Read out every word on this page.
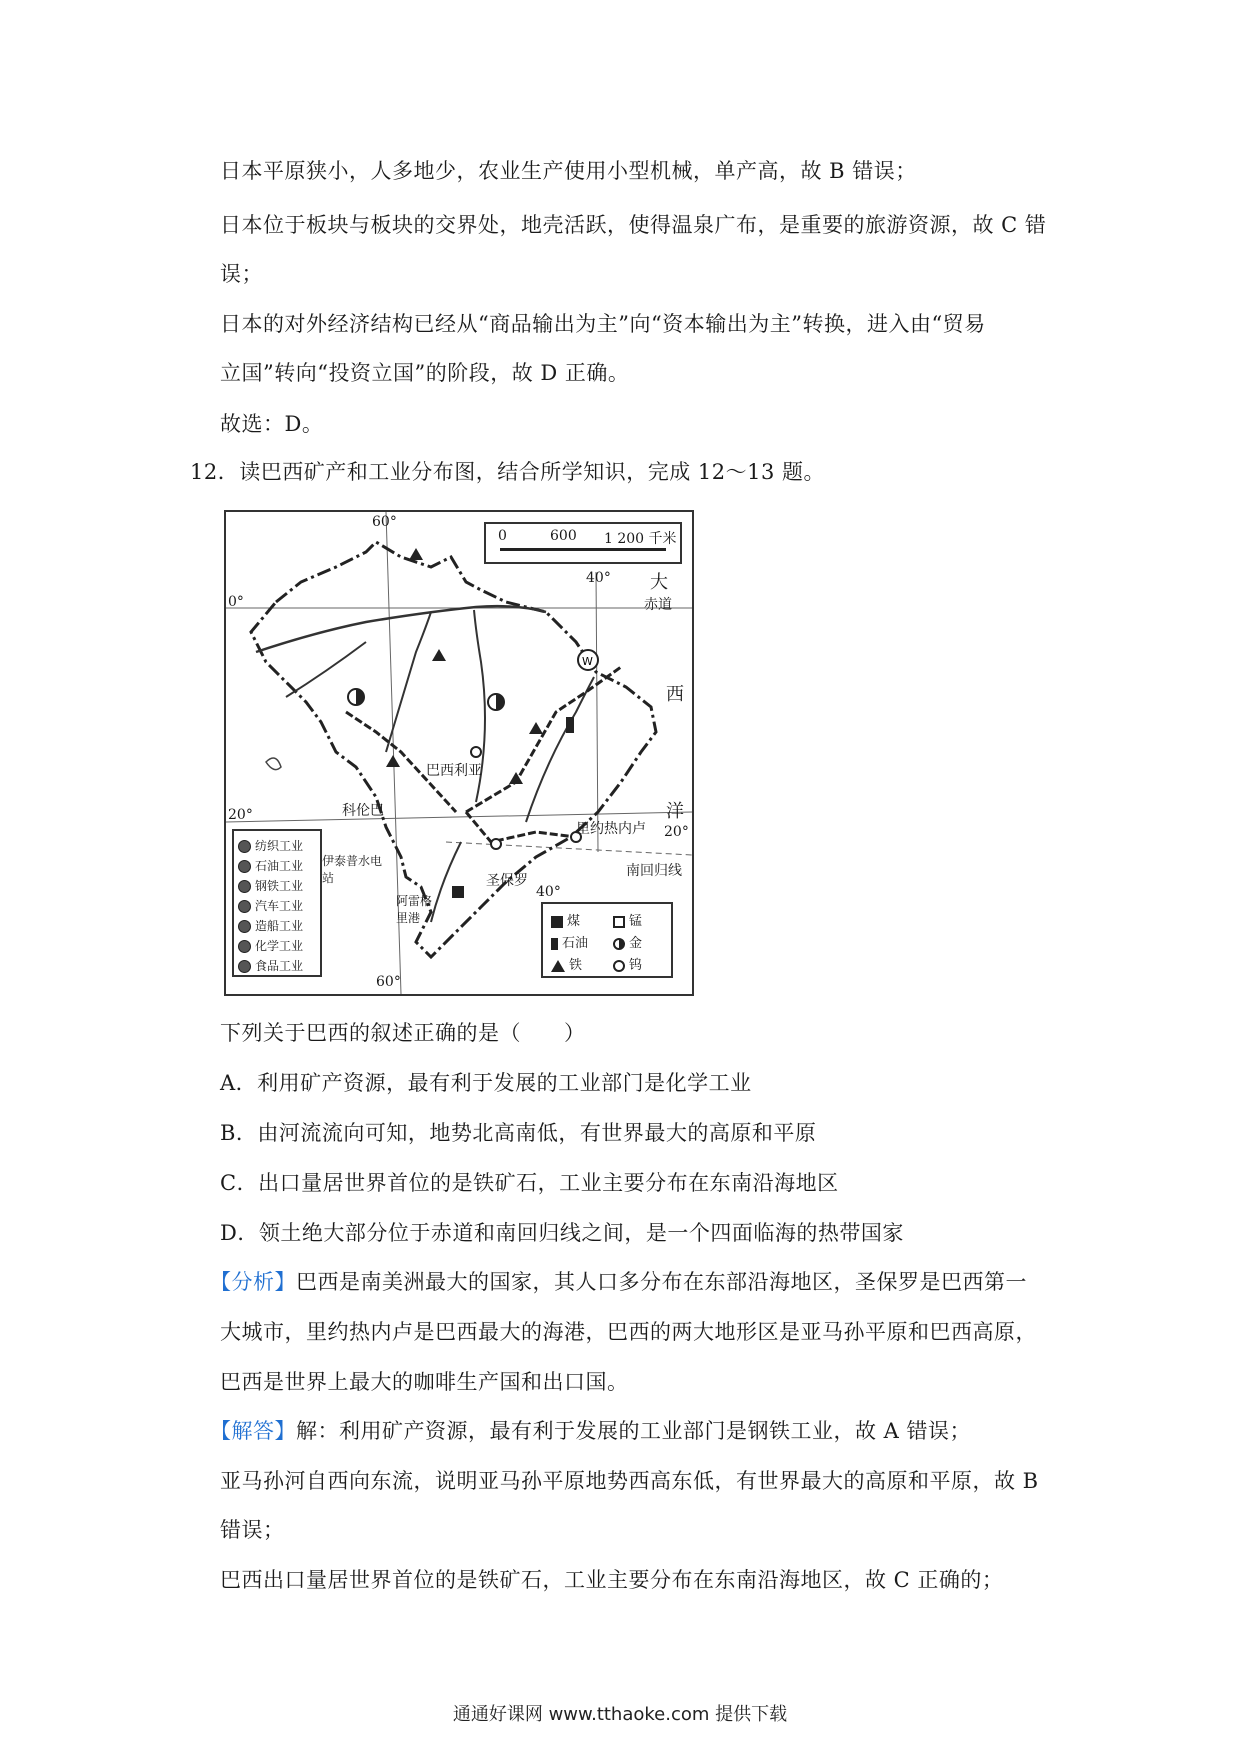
日本平原狭小，人多地少，农业生产使用小型机械，单产高，故 B 错误；
日本位于板块与板块的交界处，地壳活跃，使得温泉广布，是重要的旅游资源，故 C 错
误；
日本的对外经济结构已经从“商品输出为主”向“资本输出为主”转换，进入由“贸易
立国”转向“投资立国”的阶段，故 D 正确。
故选：D。
12．读巴西矿产和工业分布图，结合所学知识，完成 12～13 题。
W
0	600 1 200 千米
60°
40°
0°	赤道
大
西
洋
巴西利亚
科伦巴
20°
20°
里约热内卢
南回归线
伊泰普水电站	圣保罗
阿雷格里港
40°
60°
纺织工业
石油工业
钢铁工业
汽车工业
造船工业
化学工业
食品工业
煤	锰
石油	金
铁	钨
下列关于巴西的叙述正确的是（　　）
A．利用矿产资源，最有利于发展的工业部门是化学工业
B．由河流流向可知，地势北高南低，有世界最大的高原和平原
C．出口量居世界首位的是铁矿石，工业主要分布在东南沿海地区
D．领土绝大部分位于赤道和南回归线之间，是一个四面临海的热带国家
【分析】巴西是南美洲最大的国家，其人口多分布在东部沿海地区，圣保罗是巴西第一
大城市，里约热内卢是巴西最大的海港，巴西的两大地形区是亚马孙平原和巴西高原，
巴西是世界上最大的咖啡生产国和出口国。
【解答】解：利用矿产资源，最有利于发展的工业部门是钢铁工业，故 A 错误；
亚马孙河自西向东流，说明亚马孙平原地势西高东低，有世界最大的高原和平原，故 B
错误；
巴西出口量居世界首位的是铁矿石，工业主要分布在东南沿海地区，故 C 正确的；
通通好课网 www.tthaoke.com 提供下载
